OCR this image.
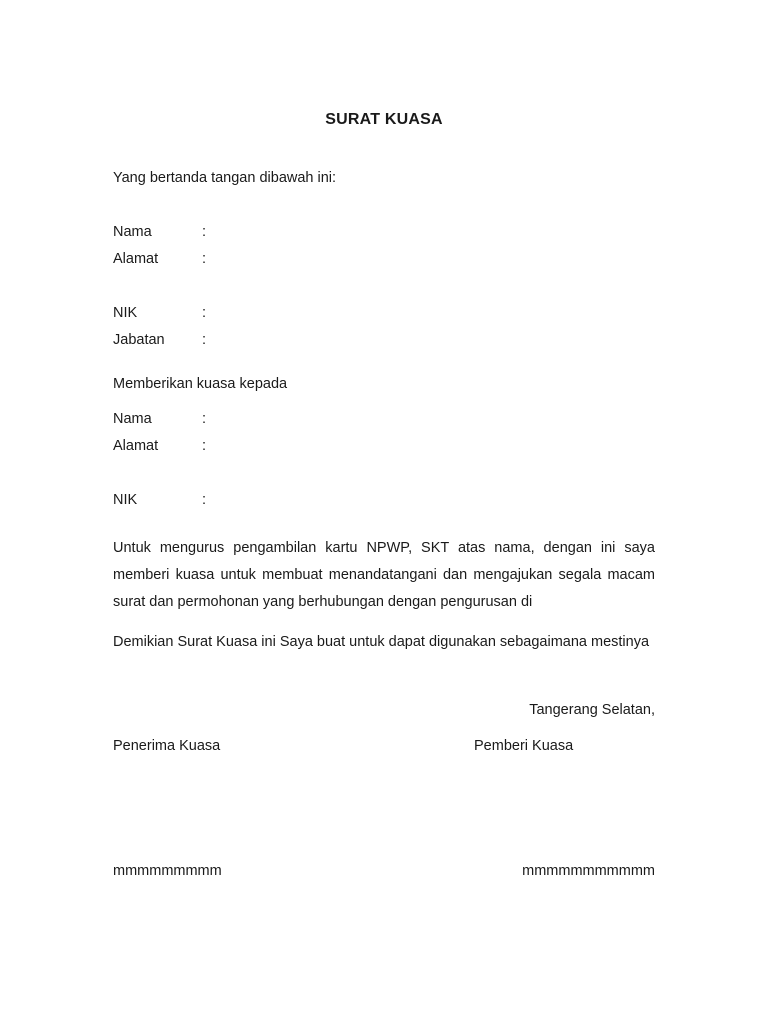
SURAT KUASA
Yang bertanda tangan dibawah ini:
Nama	:
Alamat	:
NIK	:
Jabatan	:
Memberikan kuasa kepada
Nama	:
Alamat	:
NIK	:
Untuk mengurus pengambilan kartu NPWP, SKT atas nama, dengan ini saya memberi kuasa untuk membuat menandatangani dan mengajukan segala macam surat dan permohonan yang berhubungan dengan pengurusan di
Demikian Surat Kuasa ini Saya buat untuk dapat digunakan sebagaimana mestinya
Tangerang Selatan,
Penerima Kuasa	Pemberi Kuasa
mmmmmmmmm	mmmmmmmmmmm
